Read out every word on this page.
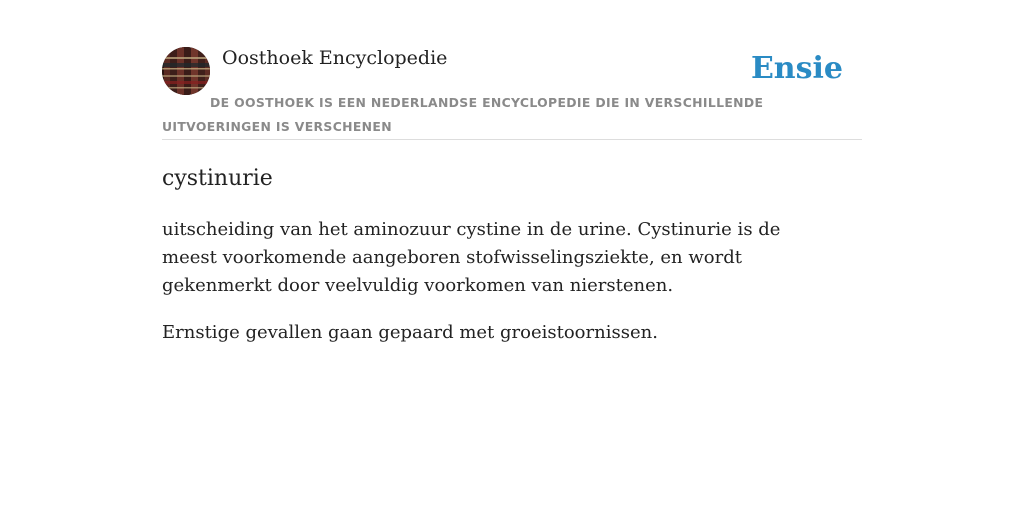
Oosthoek Encyclopedie	Ensie
DE OOSTHOEK IS EEN NEDERLANDSE ENCYCLOPEDIE DIE IN VERSCHILLENDE UITVOERINGEN IS VERSCHENEN
cystinurie

uitscheiding van het aminozuur cystine in de urine. Cystinurie is de meest voorkomende aangeboren stofwisselingsziekte, en wordt gekenmerkt door veelvuldig voorkomen van nierstenen.

Ernstige gevallen gaan gepaard met groeistoornissen.
